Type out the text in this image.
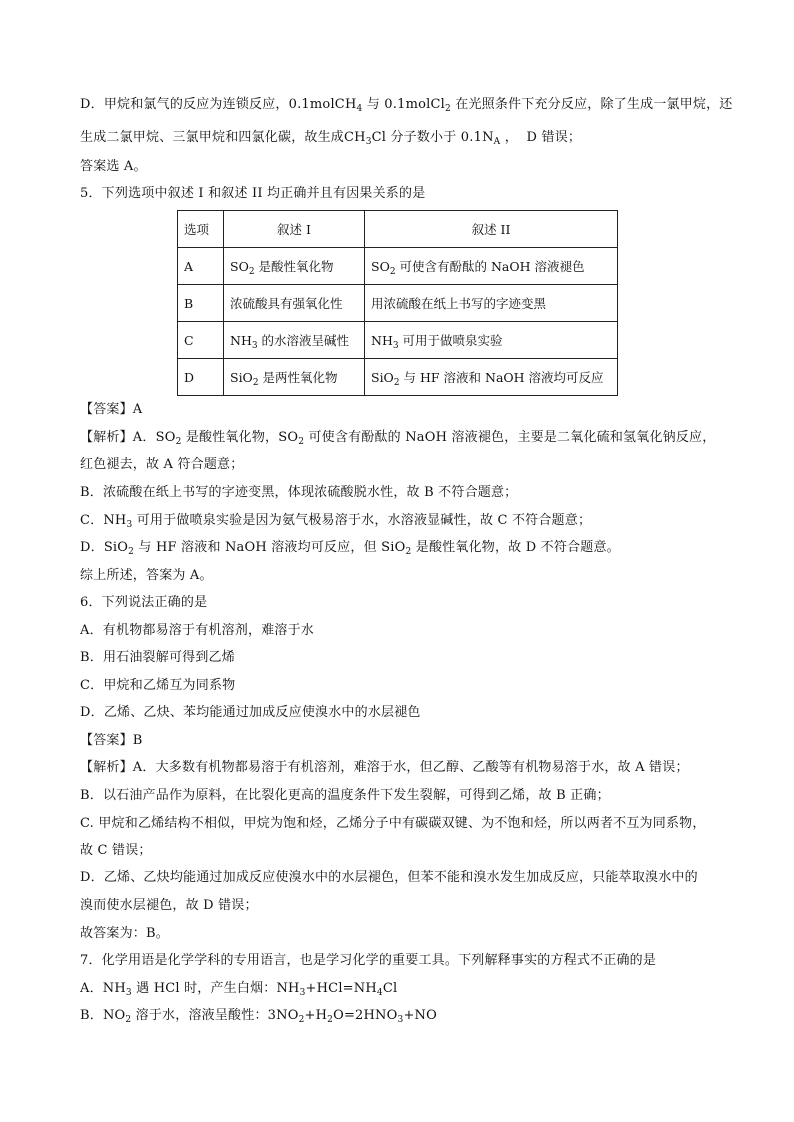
D．甲烷和氯气的反应为连锁反应，0.1molCH$_4$ 与 0.1molCl$_2$ 在光照条件下充分反应，除了生成一氯甲烷，还
生成二氯甲烷、三氯甲烷和四氯化碳，故生成$CH_3Cl$ 分子数小于 $0.1N_A$ ，  D 错误；
答案选 A。
5．下列选项中叙述 I 和叙述 II 均正确并且有因果关系的是
【答案】A
【解析】A．$SO_2$ 是酸性氧化物，$SO_2$ 可使含有酚酞的 NaOH 溶液褪色，主要是二氧化硫和氢氧化钠反应，
红色褪去，故 A 符合题意；
B．浓硫酸在纸上书写的字迹变黑，体现浓硫酸脱水性，故 B 不符合题意；
C．$NH_3$ 可用于做喷泉实验是因为氨气极易溶于水，水溶液显碱性，故 C 不符合题意；
D．SiO$_2$ 与 HF 溶液和 NaOH 溶液均可反应，但 SiO$_2$ 是酸性氧化物，故 D 不符合题意。
综上所述，答案为 A。
6．下列说法正确的是
A．有机物都易溶于有机溶剂，难溶于水
B．用石油裂解可得到乙烯
C．甲烷和乙烯互为同系物
D．乙烯、乙炔、苯均能通过加成反应使溴水中的水层褪色
【答案】B
【解析】A．大多数有机物都易溶于有机溶剂，难溶于水，但乙醇、乙酸等有机物易溶于水，故 A 错误；
B．以石油产品作为原料，在比裂化更高的温度条件下发生裂解，可得到乙烯，故 B 正确；
C. 甲烷和乙烯结构不相似，甲烷为饱和烃，乙烯分子中有碳碳双键、为不饱和烃，所以两者不互为同系物，
故 C 错误；
D．乙烯、乙炔均能通过加成反应使溴水中的水层褪色，但苯不能和溴水发生加成反应，只能萃取溴水中的
溴而使水层褪色，故 D 错误；
故答案为：B。
7．化学用语是化学学科的专用语言，也是学习化学的重要工具。下列解释事实的方程式不正确的是
A．$NH_3$ 遇 HCl 时，产生白烟：$NH_3+HCl=NH_4Cl$
B．$NO_2$ 溶于水，溶液呈酸性：$3NO_2+H_2O=2HNO_3+NO$
选项	叙述 I	叙述 II
A	$SO_2$ 是酸性氧化物	$SO_2$ 可使含有酚酞的 NaOH 溶液褪色
B	浓硫酸具有强氧化性	用浓硫酸在纸上书写的字迹变黑
C	$NH_3$ 的水溶液呈碱性	$NH_3$ 可用于做喷泉实验
D	SiO$_2$ 是两性氧化物	SiO$_2$ 与 HF 溶液和 NaOH 溶液均可反应
